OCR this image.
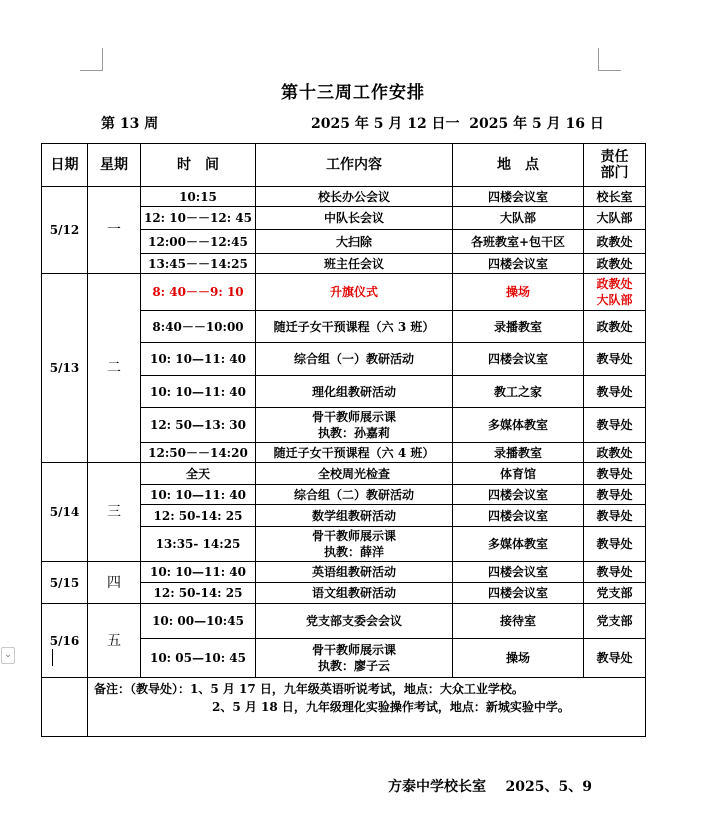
第十三周工作安排
第 13 周	2025 年 5 月 12 日一  2025 年 5 月 16 日
日期	星期	时　间	工作内容	地　点	责任
部门
5/12	一	10:15	校长办公会议	四楼会议室	校长室
		12: 10－－12: 45	中队长会议	大队部	大队部
		12:00－－12:45	大扫除	各班教室+包干区	政教处
		13:45－－14:25	班主任会议	四楼会议室	政教处
5/13	二	8: 40－－9: 10	升旗仪式	操场	政教处
大队部
		8:40－－10:00	随迁子女干预课程（六 3 班）	录播教室	政教处
		10: 10—11: 40	综合组（一）教研活动	四楼会议室	教导处
		10: 10—11: 40	理化组教研活动	教工之家	教导处
		12: 50—13: 30	骨干教师展示课
执教：孙嘉莉	多媒体教室	教导处
		12:50－－14:20	随迁子女干预课程（六 4 班）	录播教室	政教处
5/14	三	全天	全校周光检查	体育馆	教导处
		10: 10—11: 40	综合组（二）教研活动	四楼会议室	教导处
		12: 50-14: 25	数学组教研活动	四楼会议室	教导处
		13:35- 14:25	骨干教师展示课
执教：薛洋	多媒体教室	教导处
5/15	四	10: 10—11: 40	英语组教研活动	四楼会议室	教导处
		12: 50-14: 25	语文组教研活动	四楼会议室	党支部
5/16	五	10: 00—10:45	党支部支委会会议	接待室	党支部
		10: 05—10: 45	骨干教师展示课
执教：廖子云	操场	教导处

	备注：（教导处）：1、5 月 17 日，九年级英语听说考试，地点：大众工业学校。
2、5 月 18 日，九年级理化实验操作考试，地点：新城实验中学。				
⌄
方泰中学校长室    2025、5、9
